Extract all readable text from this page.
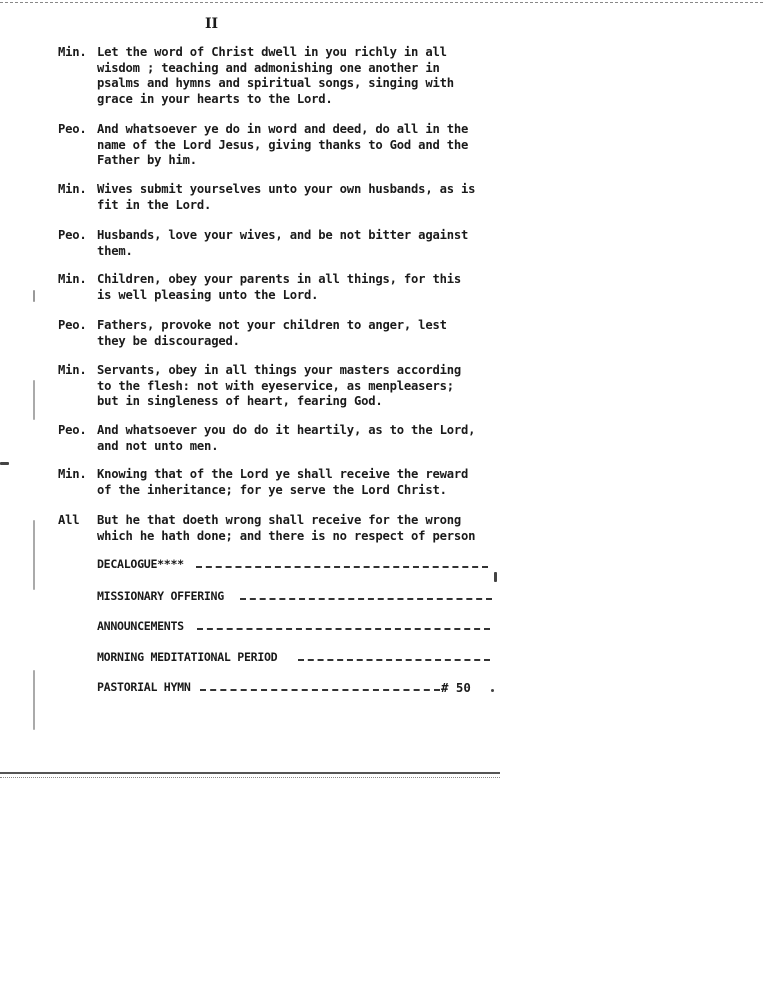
II
Min. Let the word of Christ dwell in you richly in all
wisdom ; teaching and admonishing one another in
psalms and hymns and spiritual songs, singing with
grace in your hearts to the Lord.
Peo. And whatsoever ye do in word and deed, do all in the
name of the Lord Jesus, giving thanks to God and the
Father by him.
Min. Wives submit yourselves unto your own husbands, as is
fit in the Lord.
Peo. Husbands, love your wives, and be not bitter against
them.
Min. Children, obey your parents in all things, for this
is well pleasing unto the Lord.
Peo. Fathers, provoke not your children to anger, lest
they be discouraged.
Min. Servants, obey in all things your masters according
to the flesh: not with eyeservice, as menpleasers;
but in singleness of heart, fearing God.
Peo. And whatsoever you do do it heartily, as to the Lord,
and not unto men.
Min. Knowing that of the Lord ye shall receive the reward
of the inheritance; for ye serve the Lord Christ.
All	But he that doeth wrong shall receive for the wrong
which he hath done; and there is no respect of person
DECALOGUE****
MISSIONARY OFFERING
ANNOUNCEMENTS
MORNING MEDITATIONAL PERIOD
PASTORIAL HYMN	# 50
